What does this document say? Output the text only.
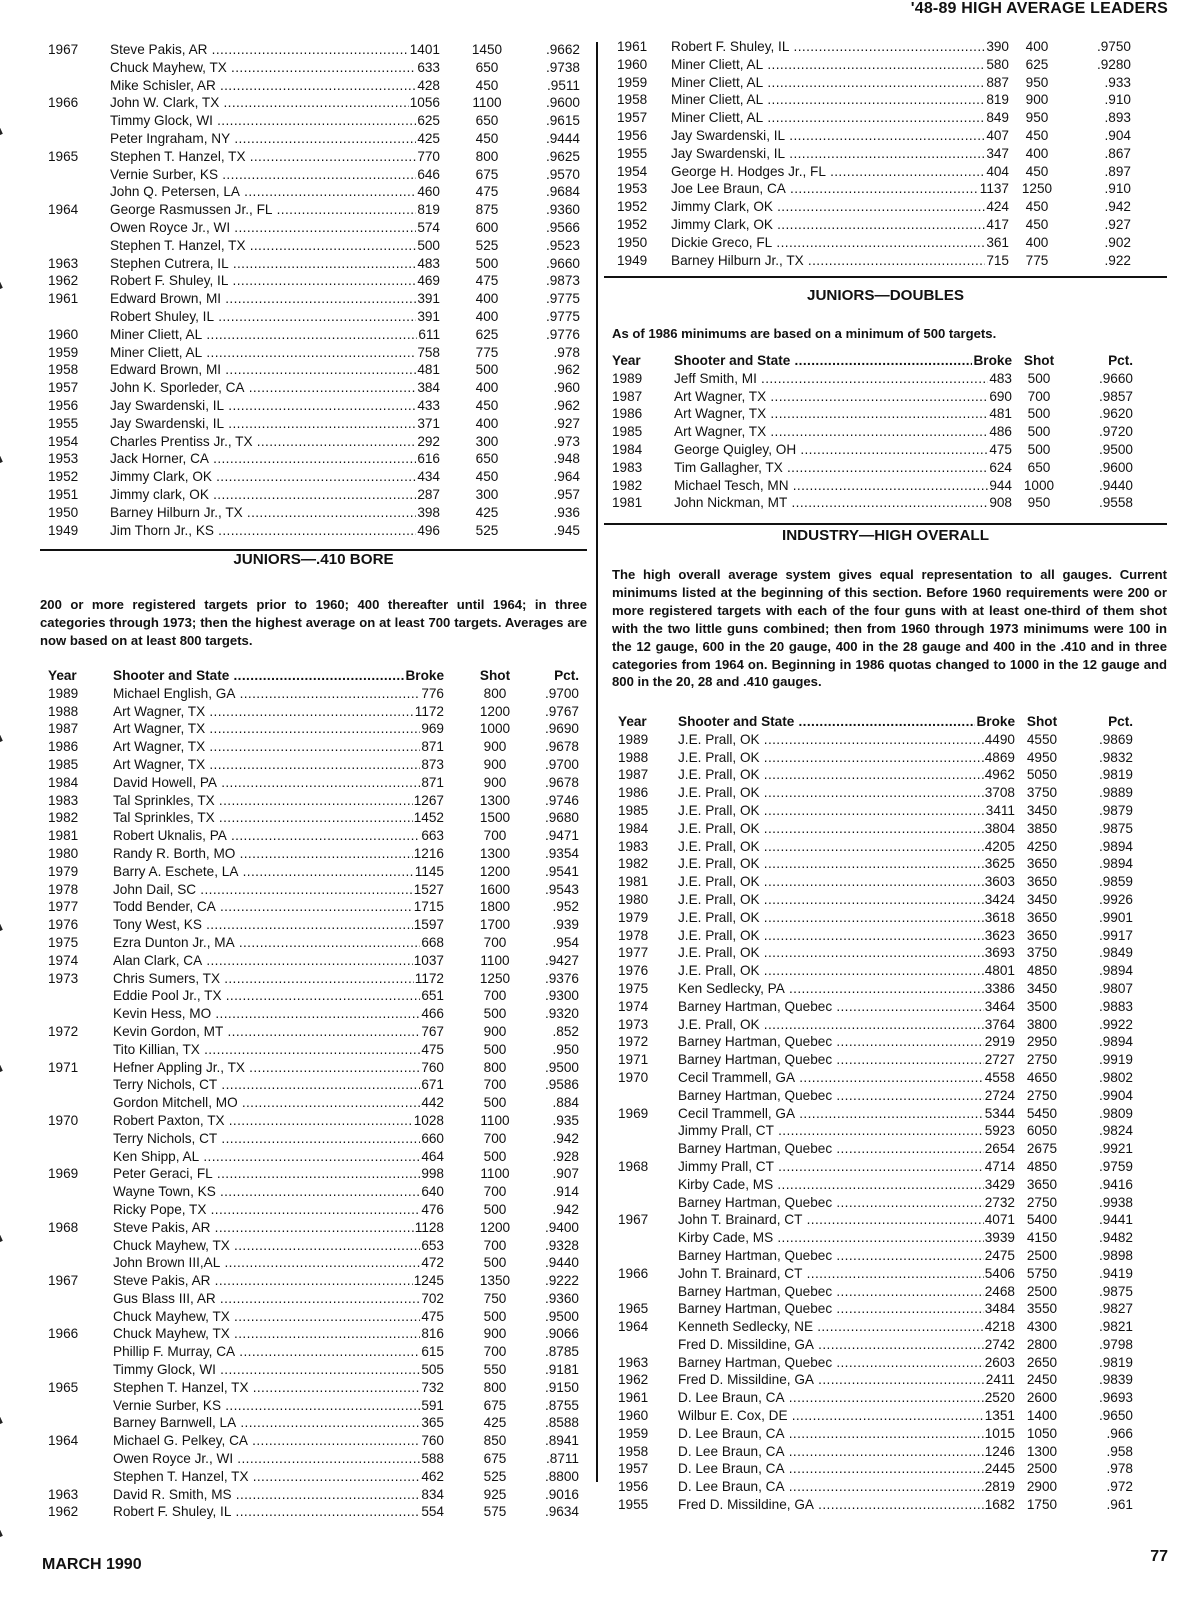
'48-89 HIGH AVERAGE LEADERS
1967 Steve Pakis, AR .....	1401	1450	.9662
Chuck Mayhew, TX .....	633	650	.9738
Mike Schisler, AR .....	428	450	.9511
1966 John W. Clark, TX .....	1056	1100	.9600
Timmy Glock, WI .....	625	650	.9615
Peter Ingraham, NY .....	425	450	.9444
1965 Stephen T. Hanzel, TX .....	770	800	.9625
Vernie Surber, KS .....	646	675	.9570
John Q. Petersen, LA .....	460	475	.9684
1964 George Rasmussen Jr., FL .....	819	875	.9360
Owen Royce Jr., WI .....	574	600	.9566
Stephen T. Hanzel, TX .....	500	525	.9523
1963 Stephen Cutrera, IL .....	483	500	.9660
1962 Robert F. Shuley, IL .....	469	475	.9873
1961 Edward Brown, MI .....	391	400	.9775
Robert Shuley, IL .....	391	400	.9775
1960 Miner Cliett, AL .....	611	625	.9776
1959 Miner Cliett, AL .....	758	775	.978
1958 Edward Brown, MI .....	481	500	.962
1957 John K. Sporleder, CA .....	384	400	.960
1956 Jay Swardenski, IL .....	433	450	.962
1955 Jay Swardenski, IL .....	371	400	.927
1954 Charles Prentiss Jr., TX .....	292	300	.973
1953 Jack Horner, CA .....	616	650	.948
1952 Jimmy Clark, OK .....	434	450	.964
1951 Jimmy clark, OK .....	287	300	.957
1950 Barney Hilburn Jr., TX .....	398	425	.936
1949 Jim Thorn Jr., KS .....	496	525	.945
JUNIORS—.410 BORE
200 or more registered targets prior to 1960; 400 thereafter until 1964; in three categories through 1973; then the highest average on at least 700 targets. Averages are now based on at least 800 targets.
Year	Shooter and State .....	Broke	Shot	Pct.
1989	Michael English, GA .....	776	800	.9700
1988	Art Wagner, TX .....	1172	1200	.9767
1987	Art Wagner, TX .....	969	1000	.9690
1986	Art Wagner, TX .....	871	900	.9678
1985	Art Wagner, TX .....	873	900	.9700
1984	David Howell, PA .....	871	900	.9678
1983	Tal Sprinkles, TX .....	1267	1300	.9746
1982	Tal Sprinkles, TX .....	1452	1500	.9680
1981	Robert Uknalis, PA .....	663	700	.9471
1980	Randy R. Borth, MO .....	1216	1300	.9354
1979	Barry A. Eschete, LA .....	1145	1200	.9541
1978	John Dail, SC .....	1527	1600	.9543
1977	Todd Bender, CA .....	1715	1800	.952
1976	Tony West, KS .....	1597	1700	.939
1975	Ezra Dunton Jr., MA .....	668	700	.954
1974	Alan Clark, CA .....	1037	1100	.9427
1973	Chris Sumers, TX .....	1172	1250	.9376
Eddie Pool Jr., TX .....	651	700	.9300
Kevin Hess, MO .....	466	500	.9320
1972	Kevin Gordon, MT .....	767	900	.852
Tito Killian, TX .....	475	500	.950
1971	Hefner Appling Jr., TX .....	760	800	.9500
Terry Nichols, CT .....	671	700	.9586
Gordon Mitchell, MO .....	442	500	.884
1970	Robert Paxton, TX .....	1028	1100	.935
Terry Nichols, CT .....	660	700	.942
Ken Shipp, AL .....	464	500	.928
1969	Peter Geraci, FL .....	998	1100	.907
Wayne Town, KS .....	640	700	.914
Ricky Pope, TX .....	476	500	.942
1968	Steve Pakis, AR .....	1128	1200	.9400
Chuck Mayhew, TX .....	653	700	.9328
John Brown III,AL .....	472	500	.9440
1967	Steve Pakis, AR .....	1245	1350	.9222
Gus Blass III, AR .....	702	750	.9360
Chuck Mayhew, TX .....	475	500	.9500
1966	Chuck Mayhew, TX .....	816	900	.9066
Phillip F. Murray, CA .....	615	700	.8785
Timmy Glock, WI .....	505	550	.9181
1965	Stephen T. Hanzel, TX .....	732	800	.9150
Vernie Surber, KS .....	591	675	.8755
Barney Barnwell, LA .....	365	425	.8588
1964	Michael G. Pelkey, CA .....	760	850	.8941
Owen Royce Jr., WI .....	588	675	.8711
Stephen T. Hanzel, TX .....	462	525	.8800
1963	David R. Smith, MS .....	834	925	.9016
1962	Robert F. Shuley, IL .....	554	575	.9634
1961 Robert F. Shuley, IL .....	390	400	.9750
1960 Miner Cliett, AL .....	580	625	.9280
1959 Miner Cliett, AL .....	887	950	.933
1958 Miner Cliett, AL .....	819	900	.910
1957 Miner Cliett, AL .....	849	950	.893
1956 Jay Swardenski, IL .....	407	450	.904
1955 Jay Swardenski, IL .....	347	400	.867
1954 George H. Hodges Jr., FL .....	404	450	.897
1953 Joe Lee Braun, CA .....	1137 1250	.910
1952 Jimmy Clark, OK .....	424	450	.942
1952 Jimmy Clark, OK .....	417	450	.927
1950 Dickie Greco, FL .....	361	400	.902
1949 Barney Hilburn Jr., TX .....	715	775	.922
JUNIORS—DOUBLES
As of 1986 minimums are based on a minimum of 500 targets.
Year Shooter and State .....	Broke Shot	Pct.
1989 Jeff Smith, MI .....	483	500	.9660
1987 Art Wagner, TX .....	690	700	.9857
1986 Art Wagner, TX .....	481	500	.9620
1985 Art Wagner, TX .....	486	500	.9720
1984 George Quigley, OH .....	475	500	.9500
1983 Tim Gallagher, TX .....	624	650	.9600
1982 Michael Tesch, MN .....	944 1000	.9440
1981 John Nickman, MT .....	908	950	.9558
INDUSTRY—HIGH OVERALL
The high overall average system gives equal representation to all gauges. Current minimums listed at the beginning of this section. Before 1960 requirements were 200 or more registered targets with each of the four guns with at least one-third of them shot with the two little guns combined; then from 1960 through 1973 minimums were 100 in the 12 gauge, 600 in the 20 gauge, 400 in the 28 gauge and 400 in the .410 and in three categories from 1964 on. Beginning in 1986 quotas changed to 1000 in the 12 gauge and 800 in the 20, 28 and .410 gauges.
Year Shooter and State .....	Broke Shot	Pct.
1989 J.E. Prall, OK .....	4490 4550	.9869
1988 J.E. Prall, OK .....	4869 4950	.9832
1987 J.E. Prall, OK .....	4962 5050	.9819
1986 J.E. Prall, OK .....	3708 3750	.9889
1985 J.E. Prall, OK .....	3411 3450	.9879
1984 J.E. Prall, OK .....	3804 3850	.9875
1983 J.E. Prall, OK .....	4205 4250	.9894
1982 J.E. Prall, OK .....	3625 3650	.9894
1981 J.E. Prall, OK .....	3603 3650	.9859
1980 J.E. Prall, OK .....	3424 3450	.9926
1979 J.E. Prall, OK .....	3618 3650	.9901
1978 J.E. Prall, OK .....	3623 3650	.9917
1977 J.E. Prall, OK .....	3693 3750	.9849
1976 J.E. Prall, OK .....	4801 4850	.9894
1975 Ken Sedlecky, PA .....	3386 3450	.9807
1974 Barney Hartman, Quebec .....	3464 3500	.9883
1973 J.E. Prall, OK .....	3764 3800	.9922
1972 Barney Hartman, Quebec .....	2919 2950	.9894
1971 Barney Hartman, Quebec .....	2727 2750	.9919
1970 Cecil Trammell, GA .....	4558 4650	.9802
Barney Hartman, Quebec .....	2724 2750	.9904
1969 Cecil Trammell, GA .....	5344 5450	.9809
Jimmy Prall, CT .....	5923 6050	.9824
Barney Hartman, Quebec .....	2654 2675	.9921
1968 Jimmy Prall, CT .....	4714 4850	.9759
Kirby Cade, MS .....	3429 3650	.9416
Barney Hartman, Quebec .....	2732 2750	.9938
1967 John T. Brainard, CT .....	4071 5400	.9441
Kirby Cade, MS .....	3939 4150	.9482
Barney Hartman, Quebec .....	2475 2500	.9898
1966 John T. Brainard, CT .....	5406 5750	.9419
Barney Hartman, Quebec .....	2468 2500	.9875
1965 Barney Hartman, Quebec .....	3484 3550	.9827
1964 Kenneth Sedlecky, NE .....	4218 4300	.9821
Fred D. Missildine, GA .....	2742 2800	.9798
1963 Barney Hartman, Quebec .....	2603 2650	.9819
1962 Fred D. Missildine, GA .....	2411 2450	.9839
1961 D. Lee Braun, CA .....	2520 2600	.9693
1960 Wilbur E. Cox, DE .....	1351 1400	.9650
1959 D. Lee Braun, CA .....	1015 1050	.966
1958 D. Lee Braun, CA .....	1246 1300	.958
1957 D. Lee Braun, CA .....	2445 2500	.978
1956 D. Lee Braun, CA .....	2819 2900	.972
1955 Fred D. Missildine, GA .....	1682 1750	.961
MARCH 1990	77
